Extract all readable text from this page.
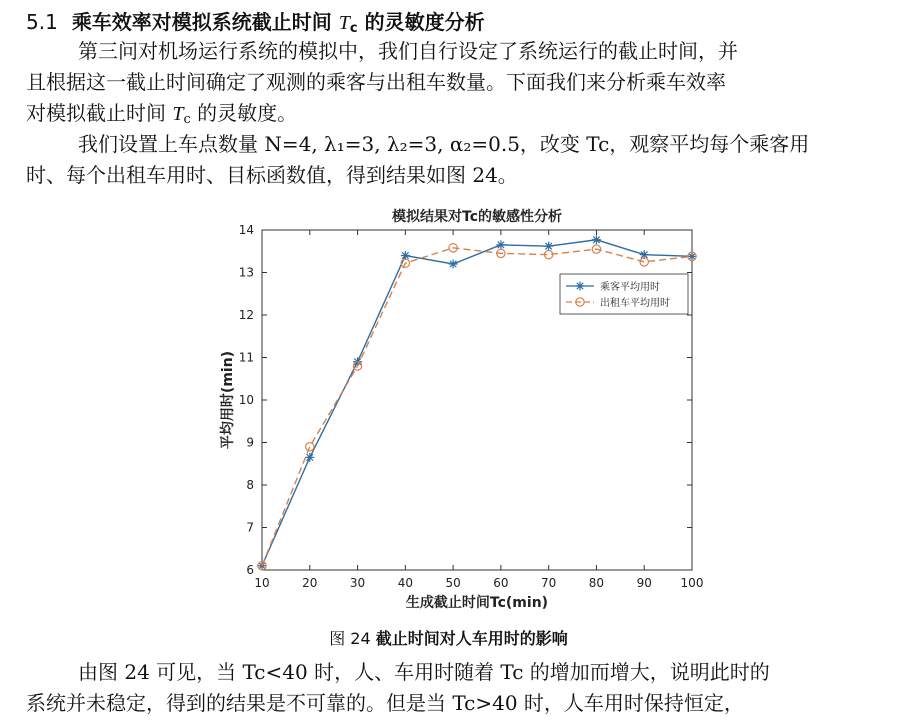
5.1 乘车效率对模拟系统截止时间 $T_c$ 的灵敏度分析

第三问对机场运行系统的模拟中，我们自行设定了系统运行的截止时间，并
且根据这一截止时间确定了观测的乘客与出租车数量。下面我们来分析乘车效率
对模拟截止时间 $T_c$ 的灵敏度。

我们设置上车点数量 N=4, λ₁=3, λ₂=3, α₂=0.5，改变 Tc，观察平均每个乘客用
时、每个出租车用时、目标函数值，得到结果如图 24。

模拟结果对Tc的敏感性分析
10	20	30	40	50	60	70	80	90 100
6
7
8
9
10
11
12
13
14
生成截止时间Tc(min)
平均用时(min)
乘客平均用时
出租车平均用时
图 24 截止时间对人车用时的影响

由图 24 可见，当 Tc<40 时，人、车用时随着 Tc 的增加而增大，说明此时的
系统并未稳定，得到的结果是不可靠的。但是当 Tc>40 时，人车用时保持恒定，
